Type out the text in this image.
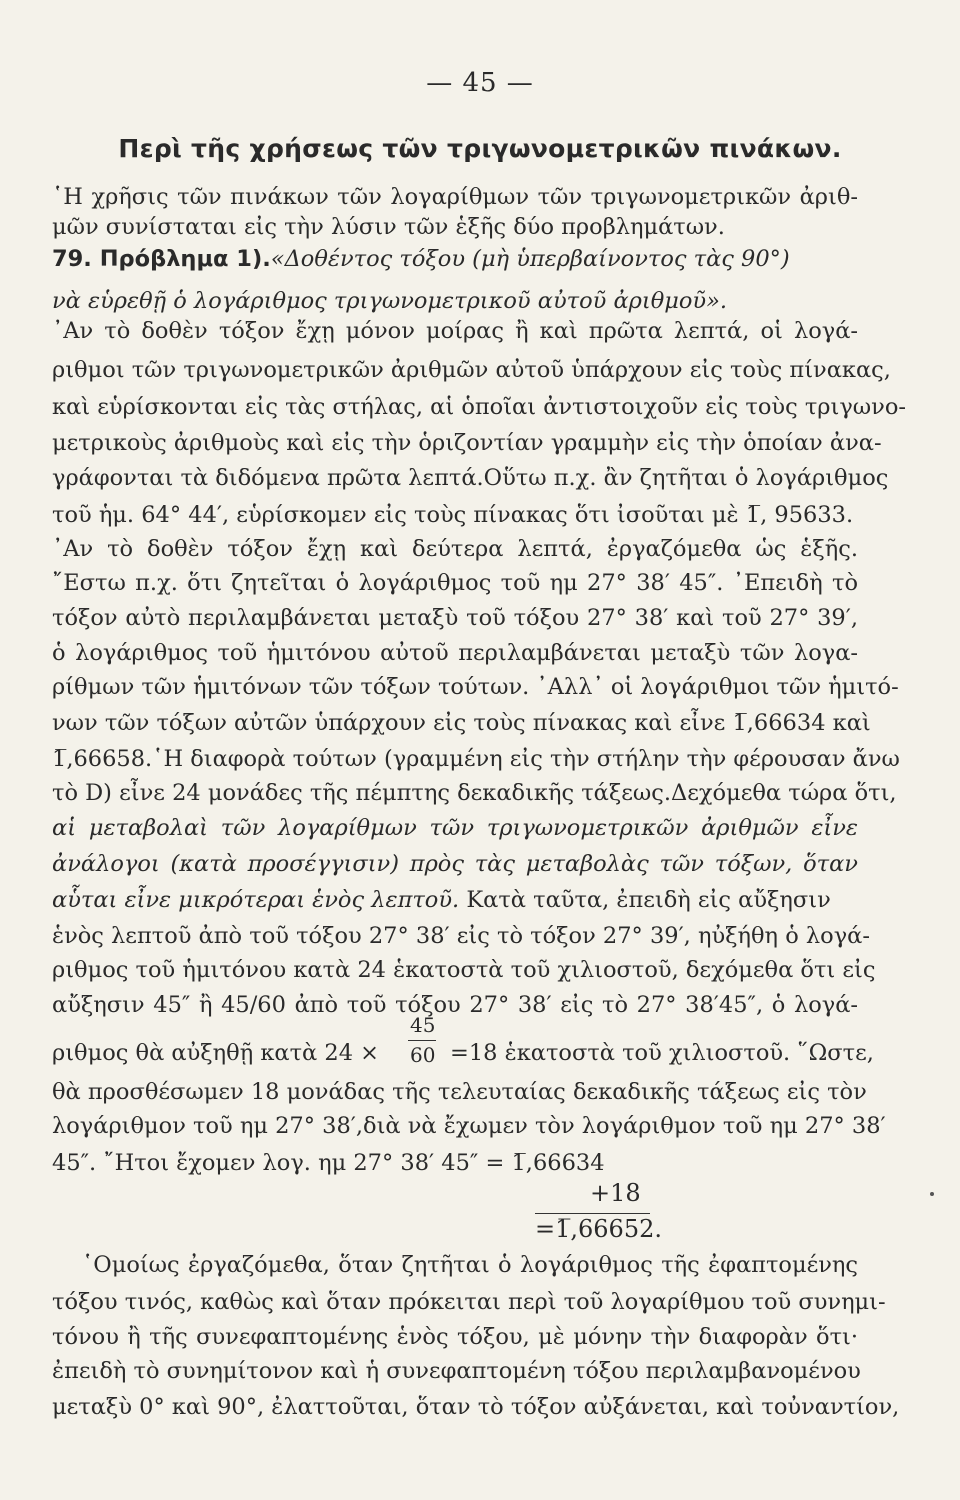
— 45 —
Περὶ τῆς χρήσεως τῶν τριγωνομετρικῶν πινάκων.
῾Η χρῆσις τῶν πινάκων τῶν λογαρίθμων τῶν τριγωνομετρικῶν ἀριθ-
μῶν συνίσταται εἰς τὴν λύσιν τῶν ἑξῆς δύο προβλημάτων.
79. Πρόβλημα 1).«Δοθέντος τόξου (μὴ ὑπερβαίνοντος τὰς 90°)
νὰ εὑρεθῇ ὁ λογάριθμος τριγωνομετρικοῦ αὐτοῦ ἀριθμοῦ».
᾿Αν τὸ δοθὲν τόξον ἔχῃ μόνον μοίρας ἢ καὶ πρῶτα λεπτά, οἱ λογά-
ριθμοι τῶν τριγωνομετρικῶν ἀριθμῶν αὐτοῦ ὑπάρχουν εἰς τοὺς πίνακας,
καὶ εὑρίσκονται εἰς τὰς στήλας, αἱ ὁποῖαι ἀντιστοιχοῦν εἰς τοὺς τριγωνο-
μετρικοὺς ἀριθμοὺς καὶ εἰς τὴν ὁριζοντίαν γραμμὴν εἰς τὴν ὁποίαν ἀνα-
γράφονται τὰ διδόμενα πρῶτα λεπτά.Οὕτω π.χ. ἂν ζητῆται ὁ λογάριθμος
τοῦ ἡμ. 64° 44′, εὑρίσκομεν εἰς τοὺς πίνακας ὅτι ἰσοῦται μὲ 1̅, 95633.
᾿Αν τὸ δοθὲν τόξον ἔχῃ καὶ δεύτερα λεπτά, ἐργαζόμεθα ὡς ἑξῆς.
῎Εστω π.χ. ὅτι ζητεῖται ὁ λογάριθμος τοῦ ημ 27° 38′ 45″. ᾿Επειδὴ τὸ
τόξον αὐτὸ περιλαμβάνεται μεταξὺ τοῦ τόξου 27° 38′ καὶ τοῦ 27° 39′,
ὁ λογάριθμος τοῦ ἡμιτόνου αὐτοῦ περιλαμβάνεται μεταξὺ τῶν λογα-
ρίθμων τῶν ἡμιτόνων τῶν τόξων τούτων. ᾿Αλλ᾽ οἱ λογάριθμοι τῶν ἡμιτό-
νων τῶν τόξων αὐτῶν ὑπάρχουν εἰς τοὺς πίνακας καὶ εἶνε 1̅,66634 καὶ
1̅,66658.῾Η διαφορὰ τούτων (γραμμένη εἰς τὴν στήλην τὴν φέρουσαν ἄνω
τὸ D) εἶνε 24 μονάδες τῆς πέμπτης δεκαδικῆς τάξεως.Δεχόμεθα τώρα ὅτι,
αἱ μεταβολαὶ τῶν λογαρίθμων τῶν τριγωνομετρικῶν ἀριθμῶν εἶνε
ἀνάλογοι (κατὰ προσέγγισιν) πρὸς τὰς μεταβολὰς τῶν τόξων, ὅταν
αὗται εἶνε μικρότεραι ἑνὸς λεπτοῦ. Κατὰ ταῦτα, ἐπειδὴ εἰς αὔξησιν
ἑνὸς λεπτοῦ ἀπὸ τοῦ τόξου 27° 38′ εἰς τὸ τόξον 27° 39′, ηὐξήθη ὁ λογά-
ριθμος τοῦ ἡμιτόνου κατὰ 24 ἑκατοστὰ τοῦ χιλιοστοῦ, δεχόμεθα ὅτι εἰς
αὔξησιν 45″ ἢ 45/60 ἀπὸ τοῦ τόξου 27° 38′ εἰς τὸ 27° 38′45″, ὁ λογά-
ριθμος θὰ αὐξηθῇ κατὰ 24 ×
45
60 =18 ἑκατοστὰ τοῦ χιλιοστοῦ. ῞Ωστε,
θὰ προσθέσωμεν 18 μονάδας τῆς τελευταίας δεκαδικῆς τάξεως εἰς τὸν
λογάριθμον τοῦ ημ 27° 38′,διὰ νὰ ἔχωμεν τὸν λογάριθμον τοῦ ημ 27° 38′
45″. ῎Ητοι ἔχομεν λογ. ημ 27° 38′ 45″ = 1̅,66634
+18
=1̅,66652.
῾Ομοίως ἐργαζόμεθα, ὅταν ζητῆται ὁ λογάριθμος τῆς ἐφαπτομένης
τόξου τινός, καθὼς καὶ ὅταν πρόκειται περὶ τοῦ λογαρίθμου τοῦ συνημι-
τόνου ἢ τῆς συνεφαπτομένης ἑνὸς τόξου, μὲ μόνην τὴν διαφορὰν ὅτι·
ἐπειδὴ τὸ συνημίτονον καὶ ἡ συνεφαπτομένη τόξου περιλαμβανομένου
μεταξὺ 0° καὶ 90°, ἐλαττοῦται, ὅταν τὸ τόξον αὐξάνεται, καὶ τοὐναντίον,
